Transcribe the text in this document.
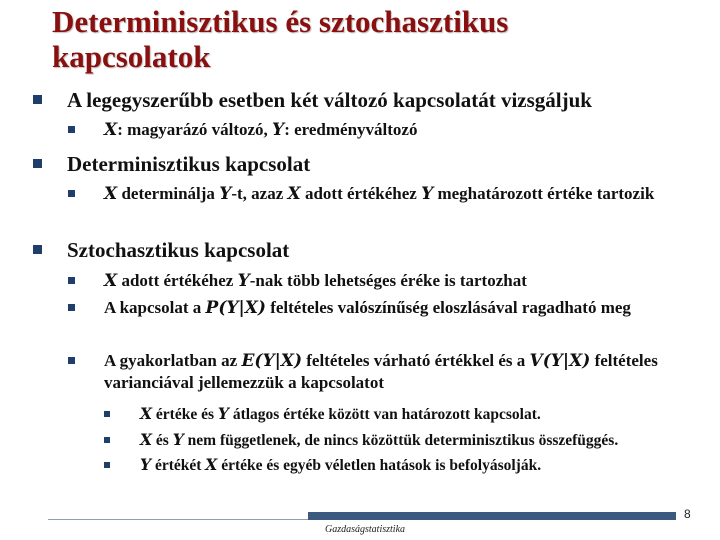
Determinisztikus és sztochasztikus
kapcsolatok
A legegyszerűbb esetben két változó kapcsolatát vizsgáljuk
X: magyarázó változó, Y: eredményváltozó
Determinisztikus kapcsolat
X determinálja Y-t, azaz X adott értékéhez Y meghatározott értéke tartozik
Sztochasztikus kapcsolat
X adott értékéhez Y-nak több lehetséges éréke is tartozhat
A kapcsolat a P(Y|X) feltételes valószínűség eloszlásával ragadható meg
A gyakorlatban az E(Y|X) feltételes várható értékkel és a V(Y|X) feltételes varianciával jellemezzük a kapcsolatot
X értéke és Y átlagos értéke között van határozott kapcsolat.
X és Y nem függetlenek, de nincs közöttük determinisztikus összefüggés.
Y értékét X értéke és egyéb véletlen hatások is befolyásolják.
8
Gazdaságstatisztika
